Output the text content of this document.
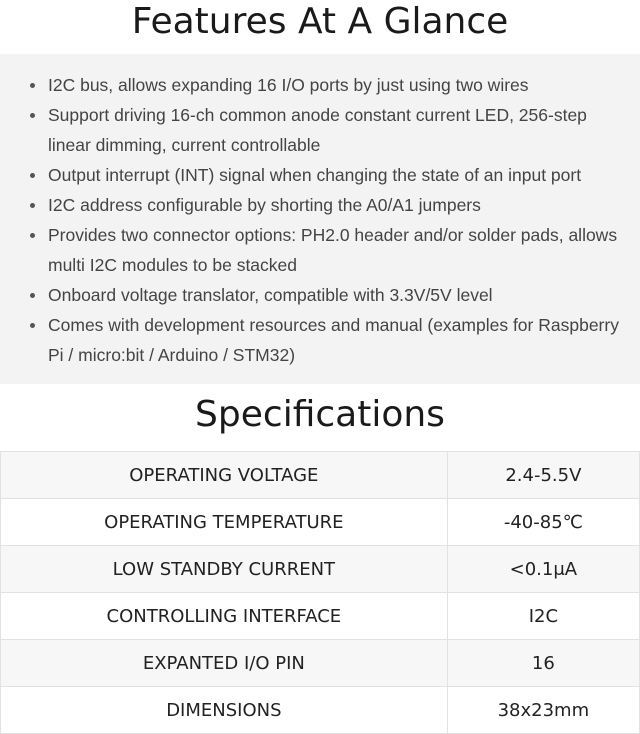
Features At A Glance
I2C bus, allows expanding 16 I/O ports by just using two wires
Support driving 16-ch common anode constant current LED, 256-step linear dimming, current controllable
Output interrupt (INT) signal when changing the state of an input port
I2C address configurable by shorting the A0/A1 jumpers
Provides two connector options: PH2.0 header and/or solder pads, allows multi I2C modules to be stacked
Onboard voltage translator, compatible with 3.3V/5V level
Comes with development resources and manual (examples for Raspberry Pi / micro:bit / Arduino / STM32)
Specifications
OPERATING VOLTAGE	2.4-5.5V
OPERATING TEMPERATURE	-40-85℃
LOW STANDBY CURRENT	<0.1μA
CONTROLLING INTERFACE	I2C
EXPANTED I/O PIN	16
DIMENSIONS	38x23mm
